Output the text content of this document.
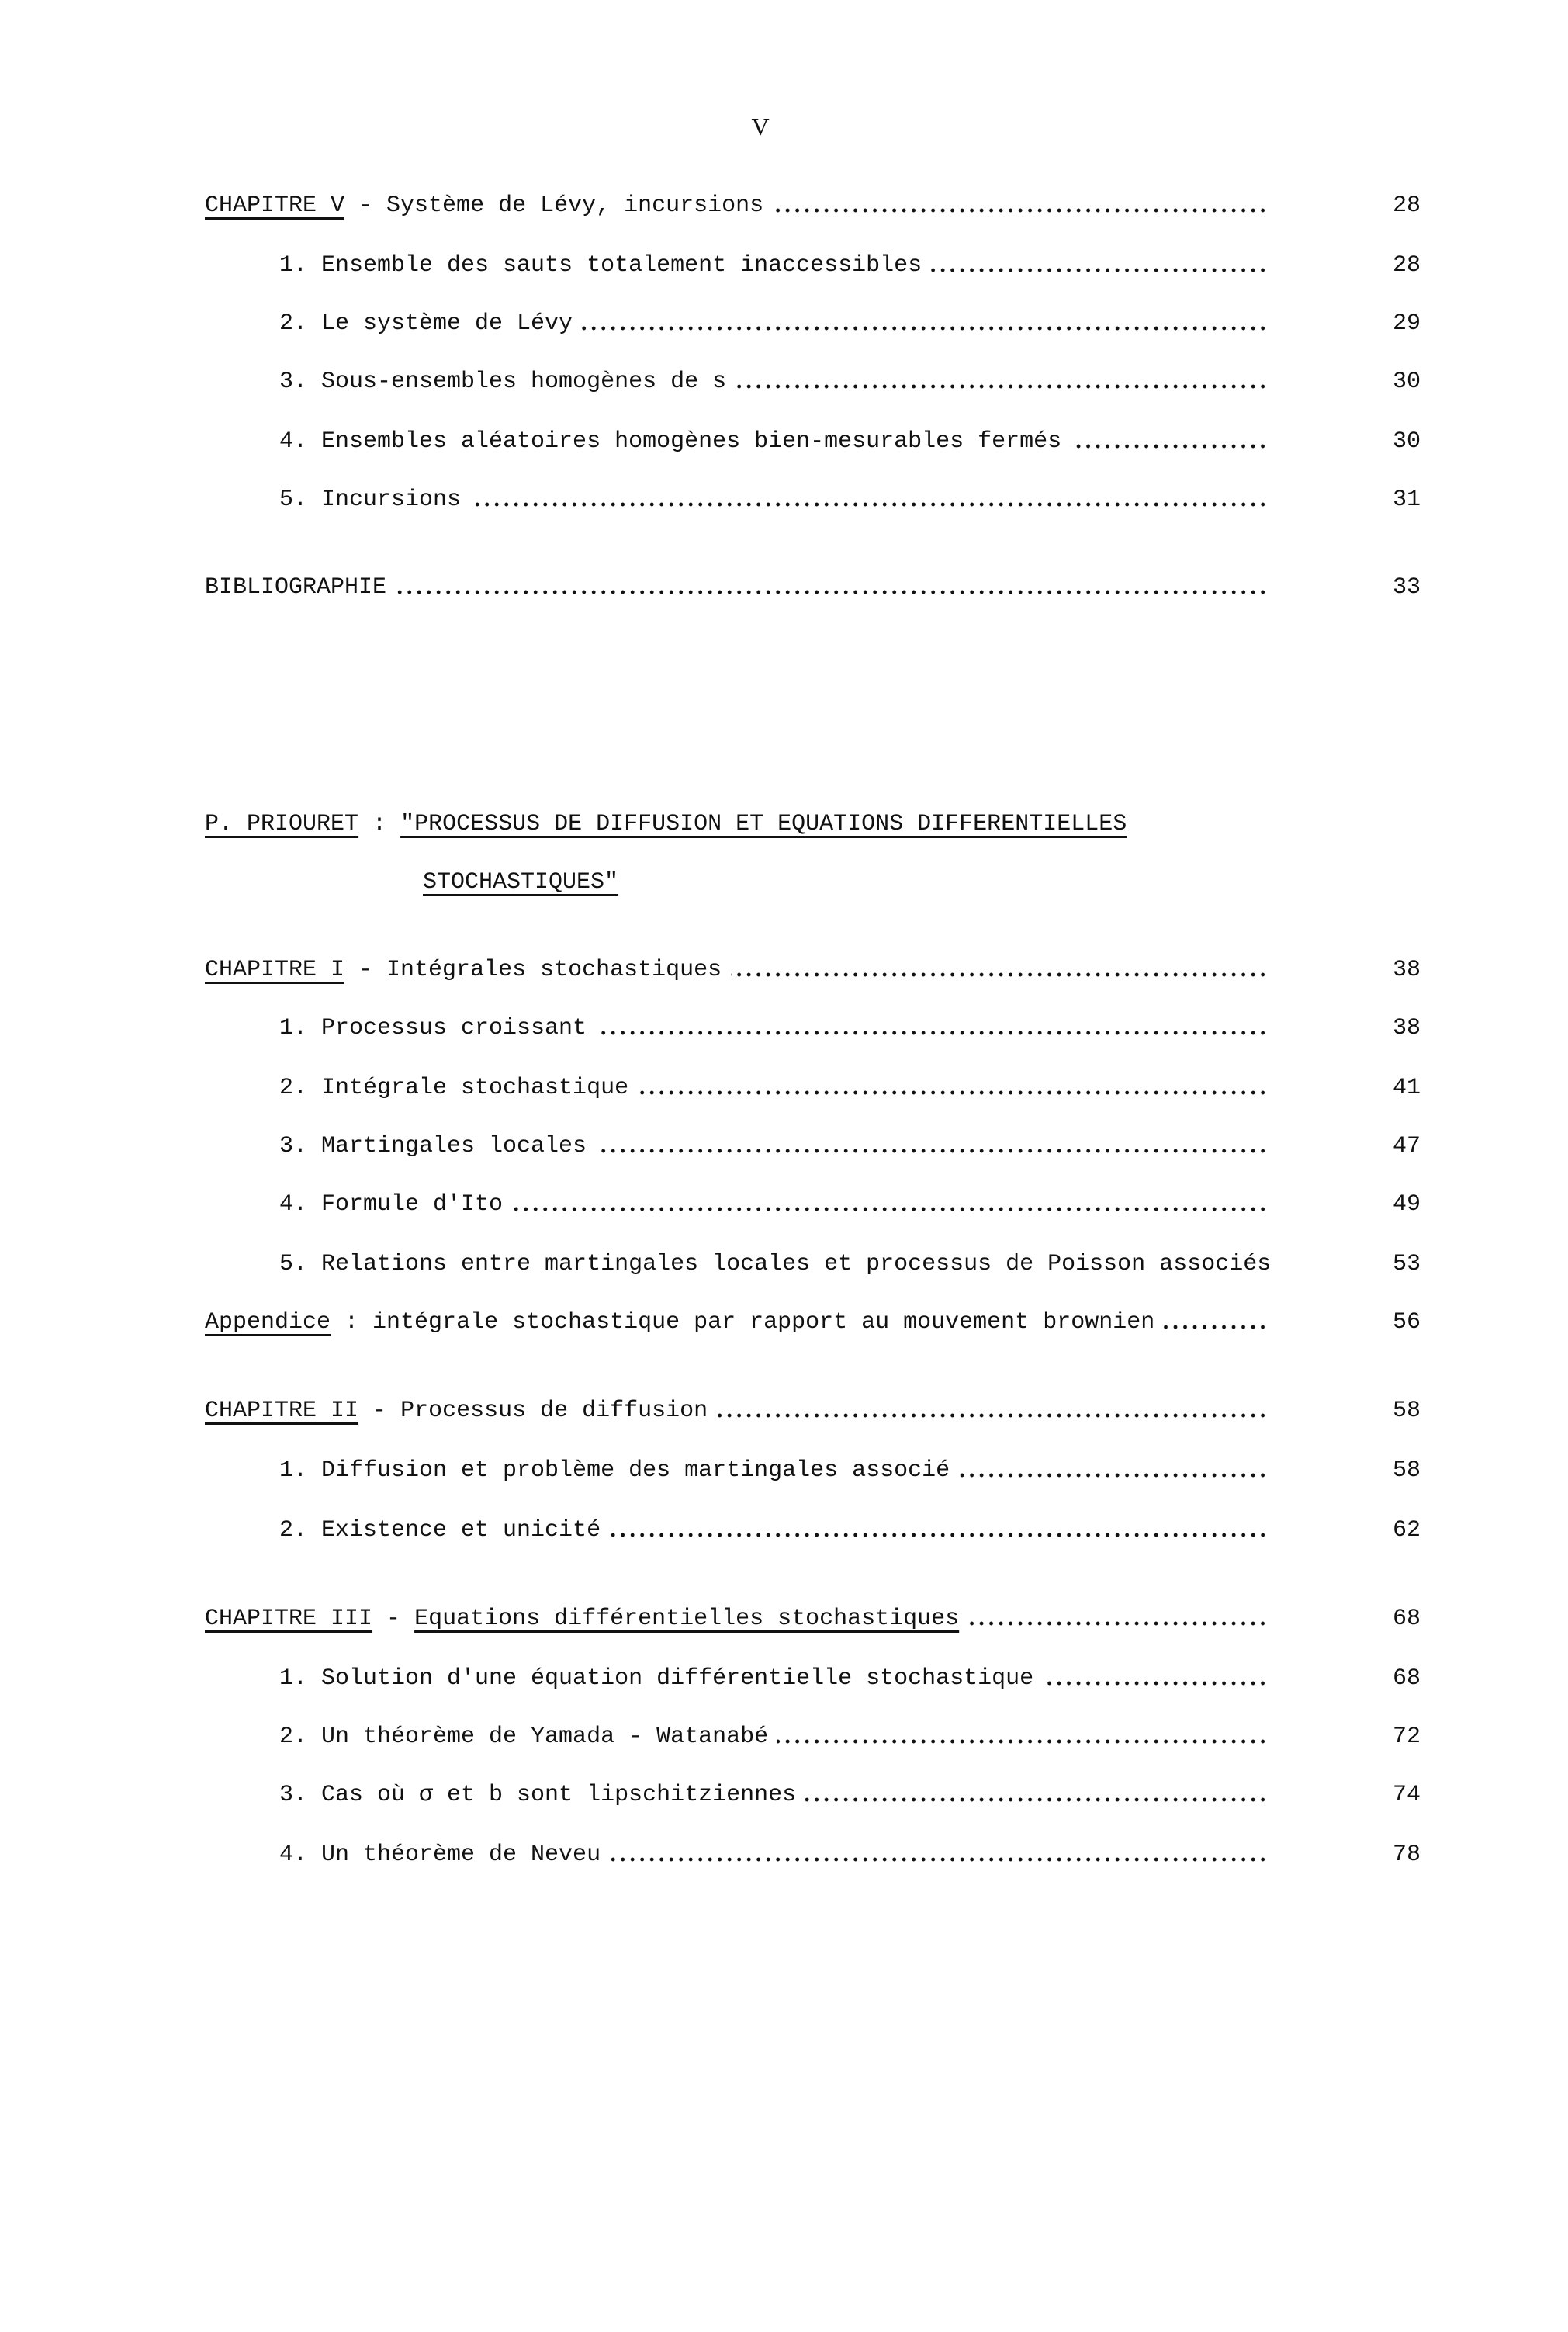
V
CHAPITRE V - Système de Lévy, incursions	28
1. Ensemble des sauts totalement inaccessibles	28
2. Le système de Lévy	29
3. Sous-ensembles homogènes de s	30
4. Ensembles aléatoires homogènes bien-mesurables fermés	30
5. Incursions	31
BIBLIOGRAPHIE	33
P. PRIOURET : "PROCESSUS DE DIFFUSION ET EQUATIONS DIFFERENTIELLES
STOCHASTIQUES"
CHAPITRE I - Intégrales stochastiques	38
1. Processus croissant	38
2. Intégrale stochastique	41
3. Martingales locales	47
4. Formule d'Ito	49
5. Relations entre martingales locales et processus de Poisson associés	53
Appendice : intégrale stochastique par rapport au mouvement brownien	56
CHAPITRE II - Processus de diffusion	58
1. Diffusion et problème des martingales associé	58
2. Existence et unicité	62
CHAPITRE III - Equations différentielles stochastiques	68
1. Solution d'une équation différentielle stochastique	68
2. Un théorème de Yamada - Watanabé	72
3. Cas où σ et b sont lipschitziennes	74
4. Un théorème de Neveu	78
